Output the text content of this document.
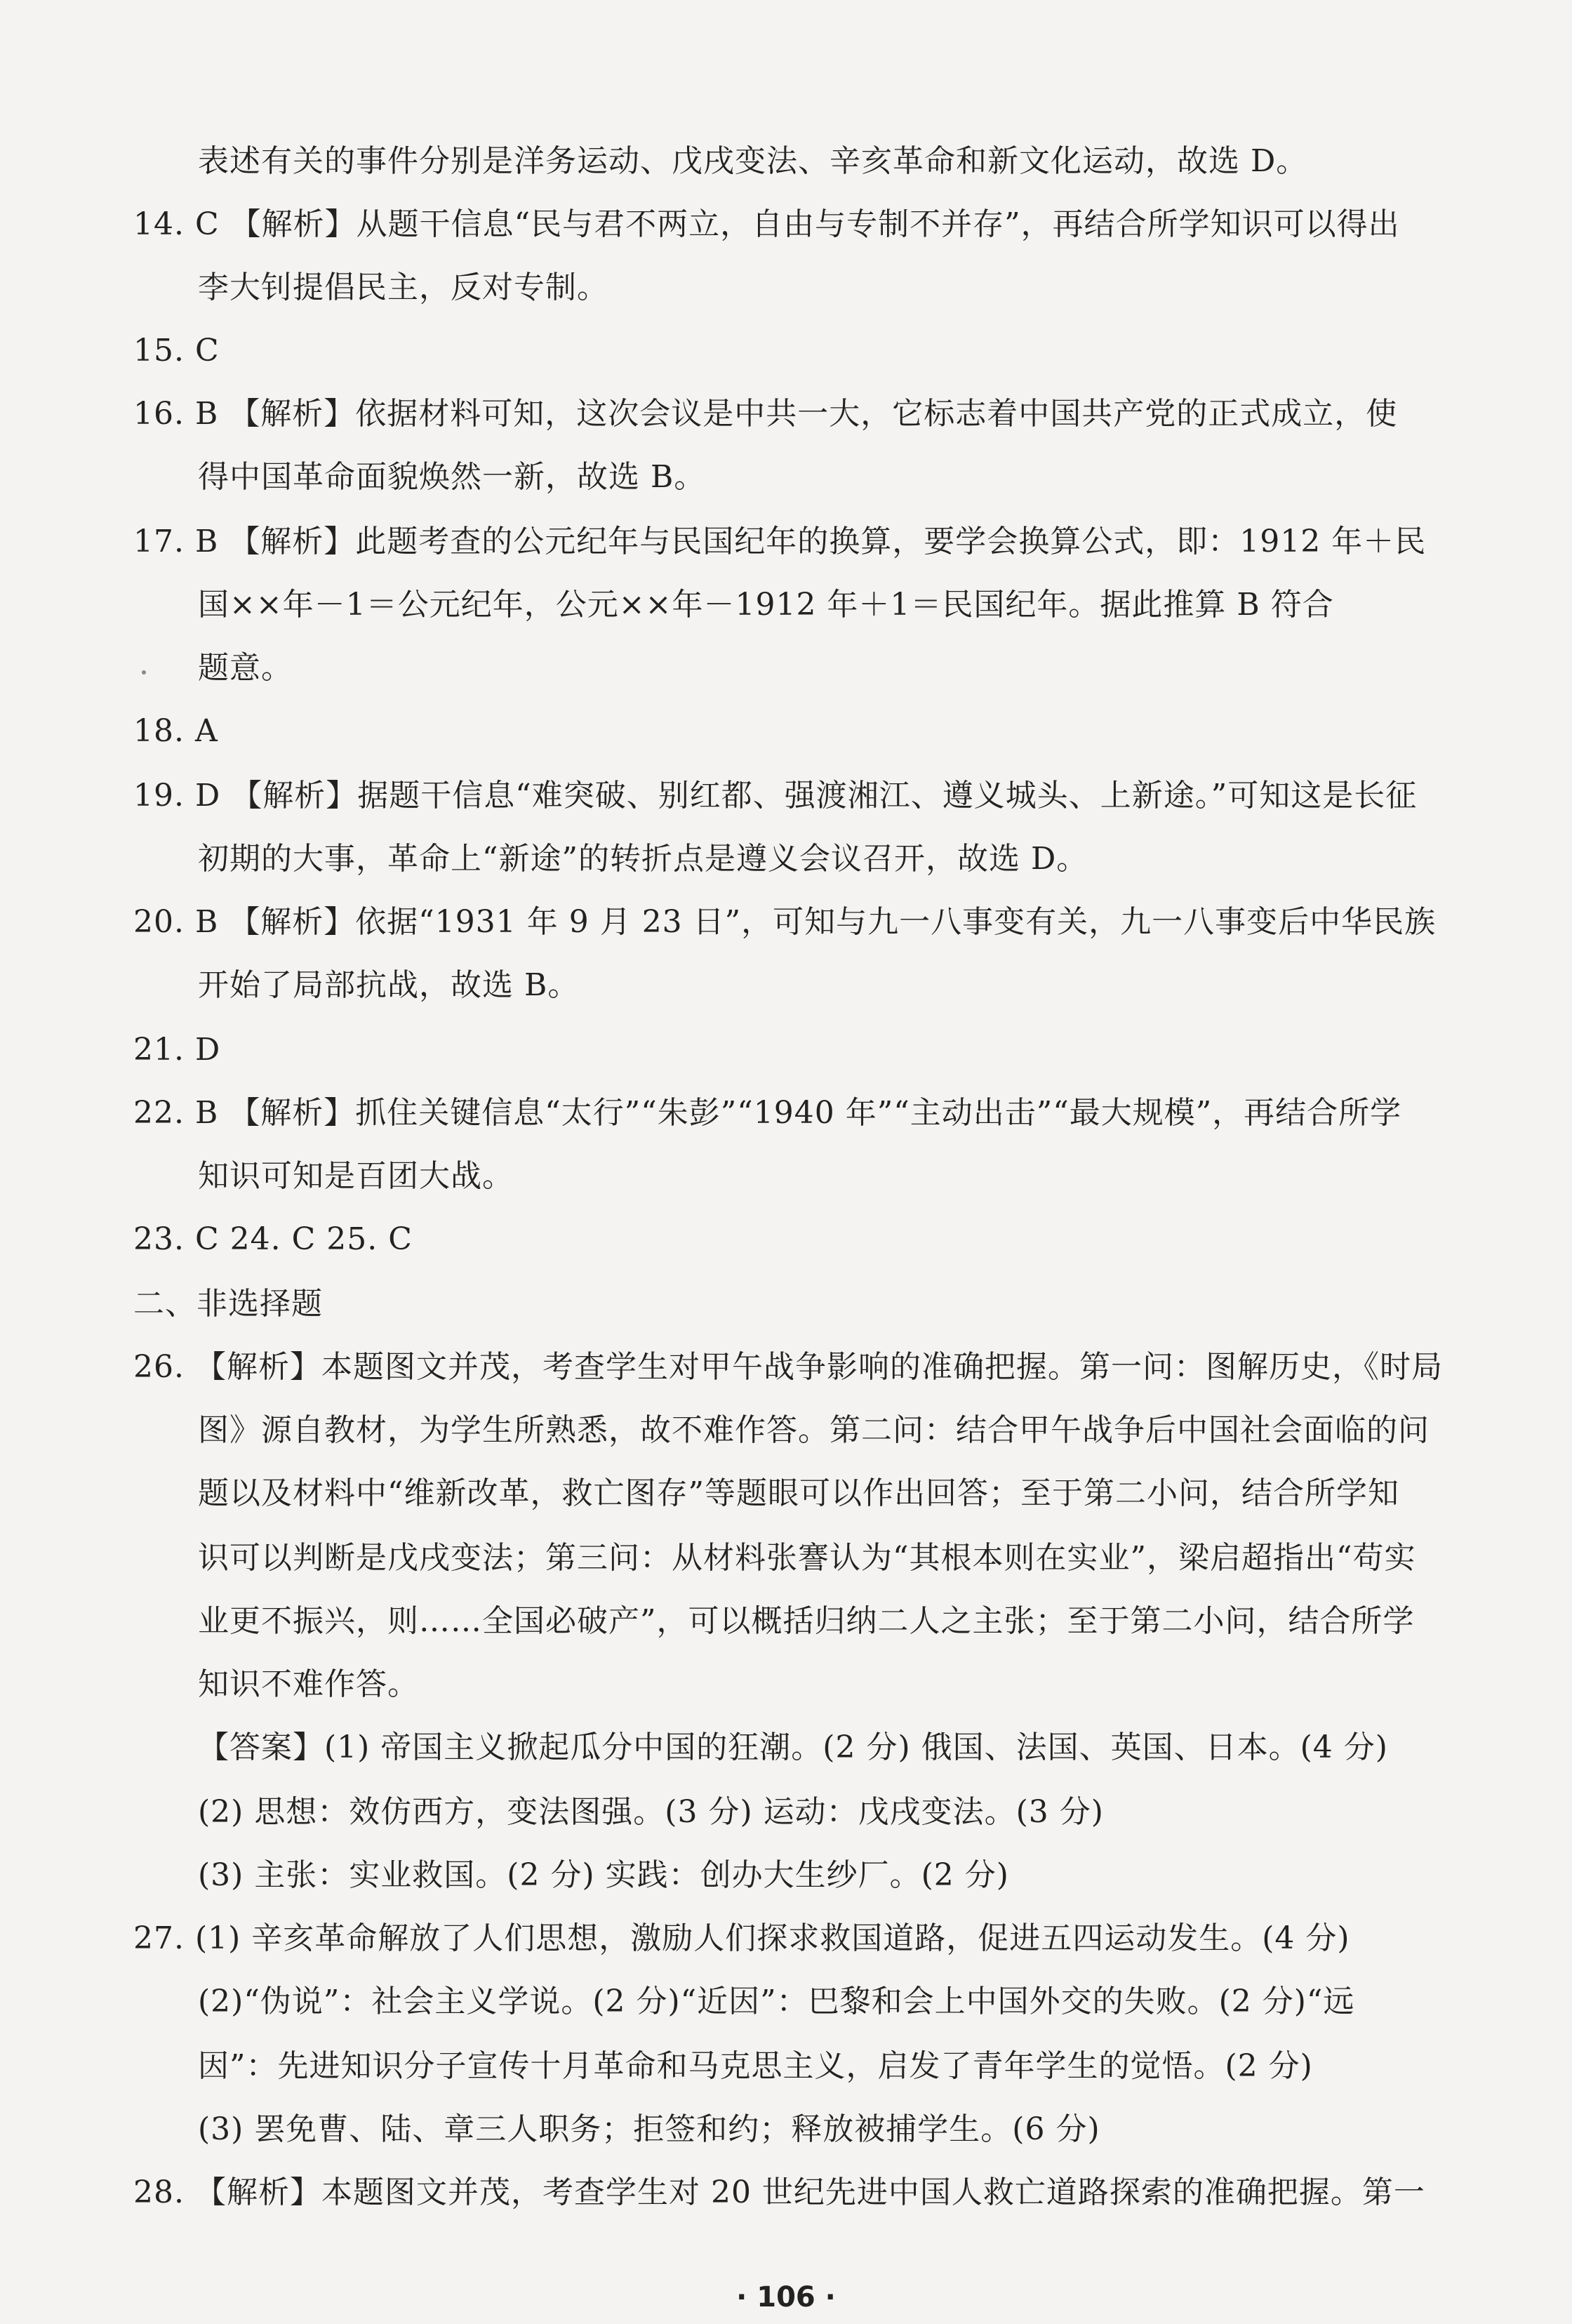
表述有关的事件分别是洋务运动、戊戌变法、辛亥革命和新文化运动，故选 D。
14. C 【解析】从题干信息“民与君不两立，自由与专制不并存”，再结合所学知识可以得出
李大钊提倡民主，反对专制。
15. C
16. B 【解析】依据材料可知，这次会议是中共一大，它标志着中国共产党的正式成立，使
得中国革命面貌焕然一新，故选 B。
17. B 【解析】此题考查的公元纪年与民国纪年的换算，要学会换算公式，即：1912 年＋民
国××年－1＝公元纪年，公元××年－1912 年＋1＝民国纪年。据此推算 B 符合
题意。
18. A
19. D 【解析】据题干信息“难突破、别红都、强渡湘江、遵义城头、上新途。”可知这是长征
初期的大事，革命上“新途”的转折点是遵义会议召开，故选 D。
20. B 【解析】依据“1931 年 9 月 23 日”，可知与九一八事变有关，九一八事变后中华民族
开始了局部抗战，故选 B。
21. D
22. B 【解析】抓住关键信息“太行”“朱彭”“1940 年”“主动出击”“最大规模”，再结合所学
知识可知是百团大战。
23. C 24. C 25. C
二、非选择题
26. 【解析】本题图文并茂，考查学生对甲午战争影响的准确把握。第一问：图解历史，《时局
图》源自教材，为学生所熟悉，故不难作答。第二问：结合甲午战争后中国社会面临的问
题以及材料中“维新改革，救亡图存”等题眼可以作出回答；至于第二小问，结合所学知
识可以判断是戊戌变法；第三问：从材料张謇认为“其根本则在实业”，梁启超指出“苟实
业更不振兴，则……全国必破产”，可以概括归纳二人之主张；至于第二小问，结合所学
知识不难作答。
【答案】(1) 帝国主义掀起瓜分中国的狂潮。(2 分) 俄国、法国、英国、日本。(4 分)
(2) 思想：效仿西方，变法图强。(3 分) 运动：戊戌变法。(3 分)
(3) 主张：实业救国。(2 分) 实践：创办大生纱厂。(2 分)
27. (1) 辛亥革命解放了人们思想，激励人们探求救国道路，促进五四运动发生。(4 分)
(2)“伪说”：社会主义学说。(2 分)“近因”：巴黎和会上中国外交的失败。(2 分)“远
因”：先进知识分子宣传十月革命和马克思主义，启发了青年学生的觉悟。(2 分)
(3) 罢免曹、陆、章三人职务；拒签和约；释放被捕学生。(6 分)
28. 【解析】本题图文并茂，考查学生对 20 世纪先进中国人救亡道路探索的准确把握。第一
· 106 ·
